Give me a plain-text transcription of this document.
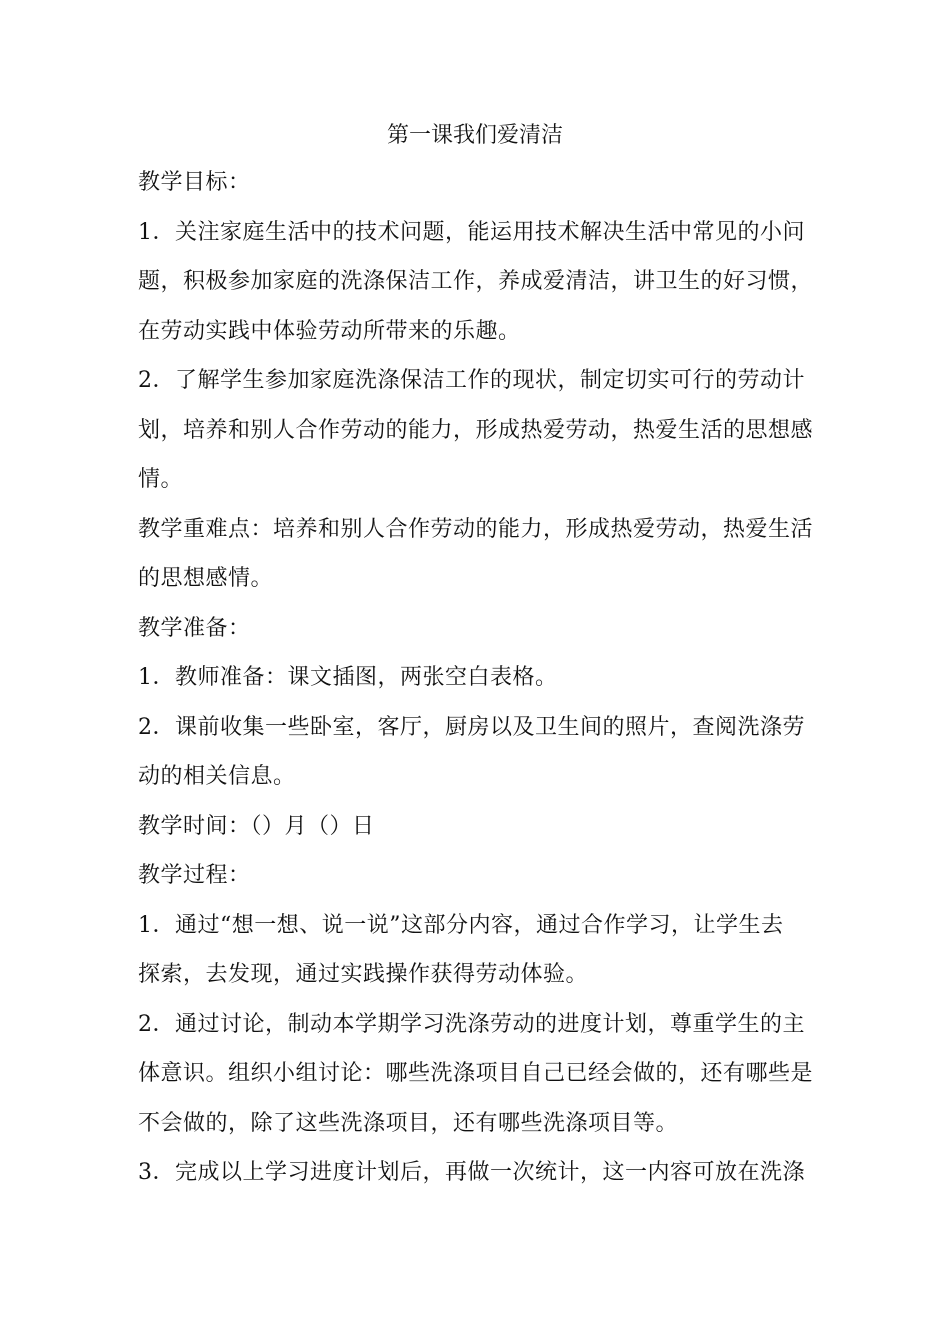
第一课我们爱清洁
教学目标：
1．关注家庭生活中的技术问题，能运用技术解决生活中常见的小问
题，积极参加家庭的洗涤保洁工作，养成爱清洁，讲卫生的好习惯，
在劳动实践中体验劳动所带来的乐趣。
2．了解学生参加家庭洗涤保洁工作的现状，制定切实可行的劳动计
划，培养和别人合作劳动的能力，形成热爱劳动，热爱生活的思想感
情。
教学重难点：培养和别人合作劳动的能力，形成热爱劳动，热爱生活
的思想感情。
教学准备：
1．教师准备：课文插图，两张空白表格。
2．课前收集一些卧室，客厅，厨房以及卫生间的照片，查阅洗涤劳
动的相关信息。
教学时间：（）月（）日
教学过程：
1．通过“想一想、说一说”这部分内容，通过合作学习，让学生去
探索，去发现，通过实践操作获得劳动体验。
2．通过讨论，制动本学期学习洗涤劳动的进度计划，尊重学生的主
体意识。组织小组讨论：哪些洗涤项目自己已经会做的，还有哪些是
不会做的，除了这些洗涤项目，还有哪些洗涤项目等。
3．完成以上学习进度计划后，再做一次统计，这一内容可放在洗涤
